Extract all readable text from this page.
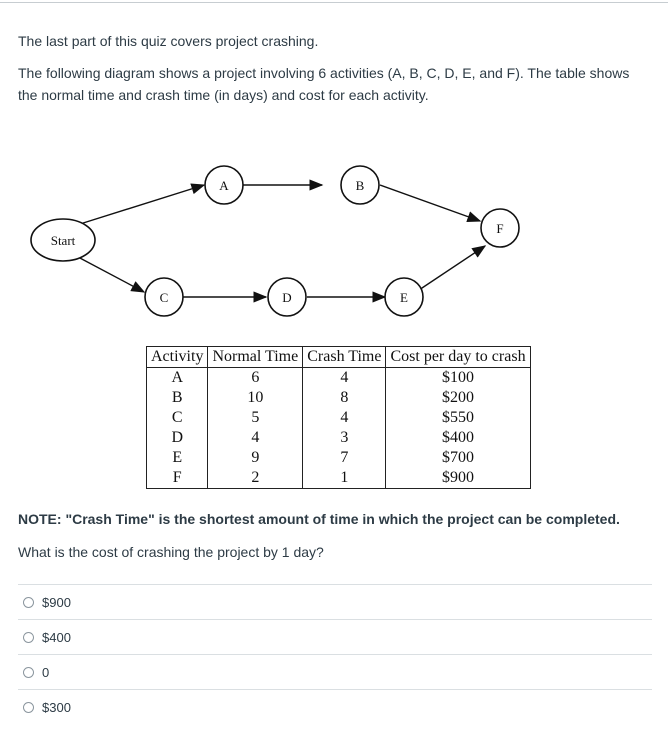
The last part of this quiz covers project crashing.

The following diagram shows a project involving 6 activities (A, B, C, D, E, and F). The table shows the normal time and crash time (in days) and cost for each activity.

Start
A	B
C	D	E
F
Activity	Normal Time	Crash Time	Cost per day to crash
A	6	4	$100
B	10	8	$200
C	5	4	$550
D	4	3	$400
E	9	7	$700
F	2	1	$900

NOTE: "Crash Time" is the shortest amount of time in which the project can be completed.

What is the cost of crashing the project by 1 day?

$900
$400
0
$300
